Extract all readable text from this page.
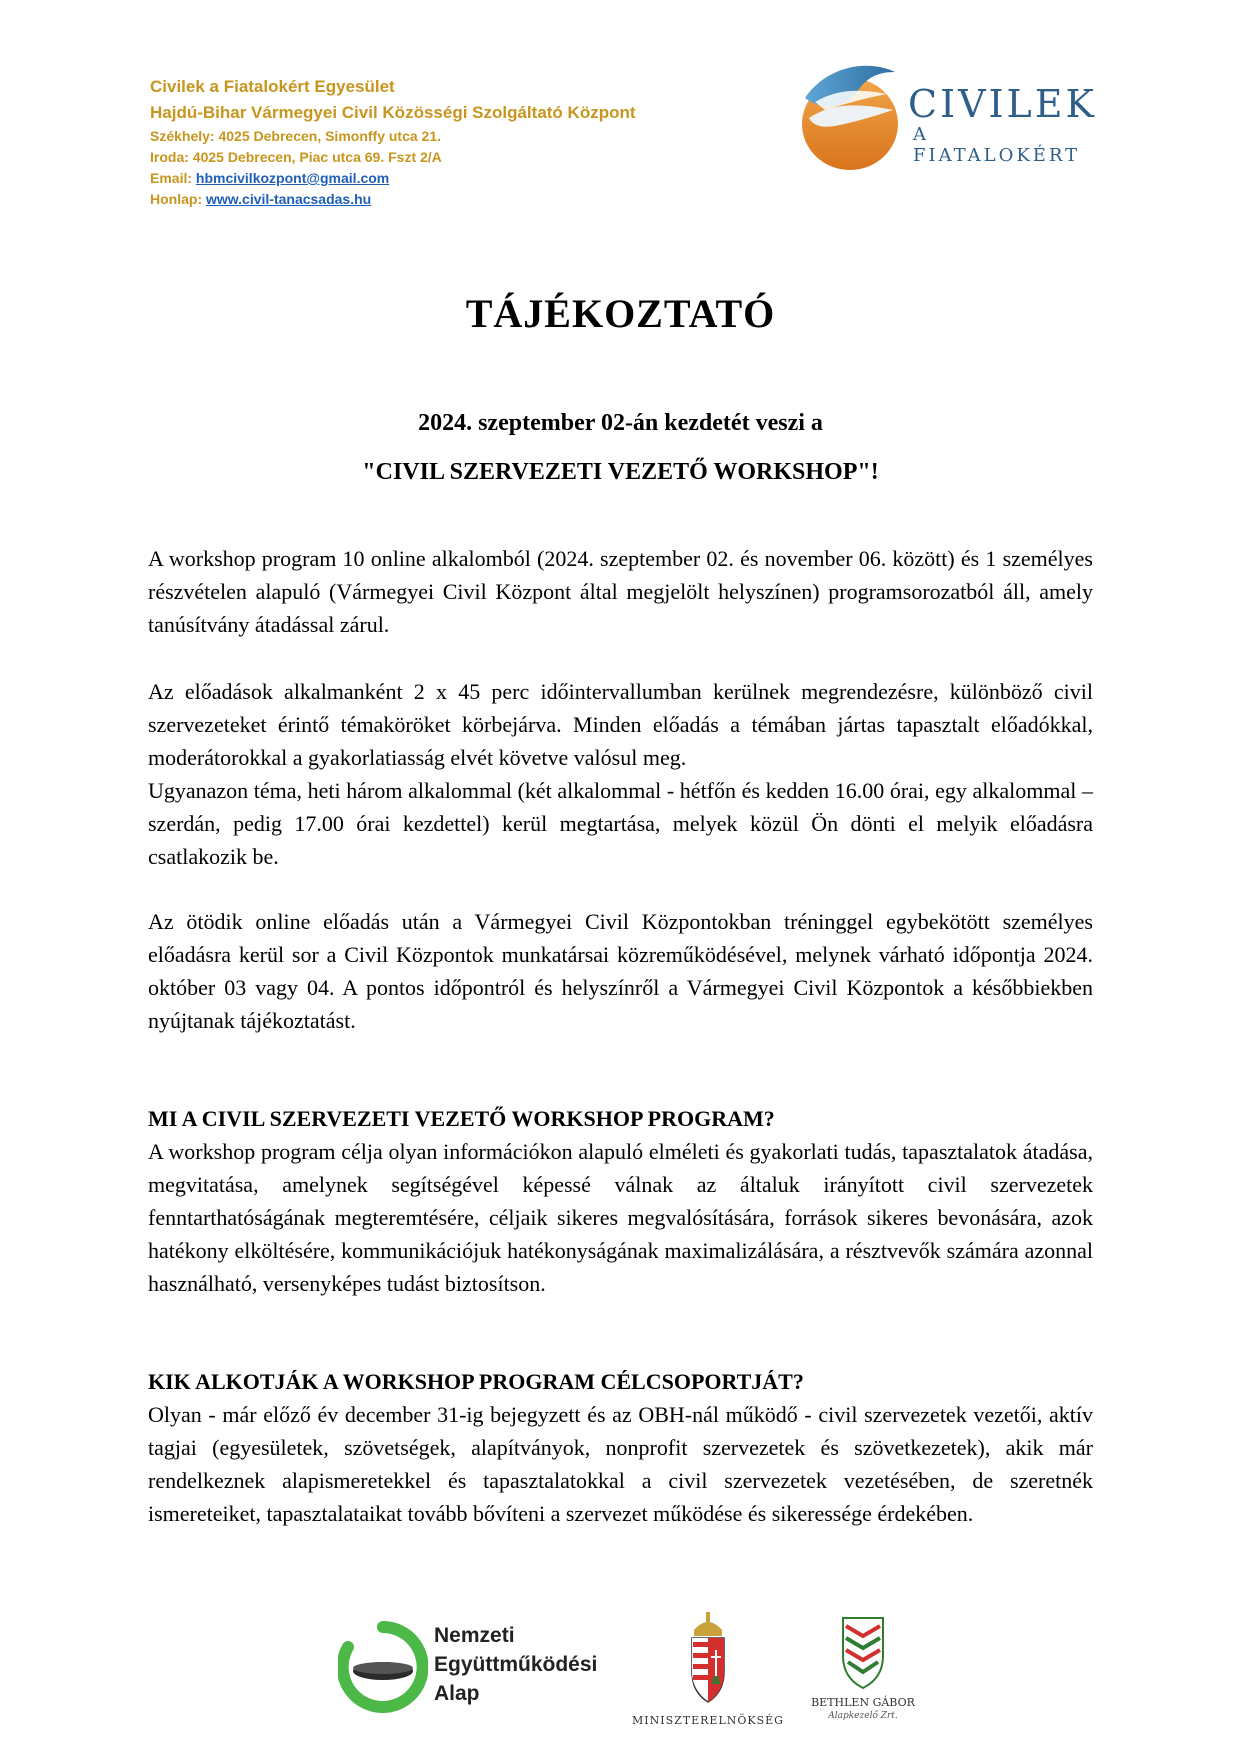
Civilek a Fiatalokért Egyesület
Hajdú-Bihar Vármegyei Civil Közösségi Szolgáltató Központ
Székhely: 4025 Debrecen, Simonffy utca 21.
Iroda: 4025 Debrecen, Piac utca 69. Fszt 2/A
Email: hbmcivilkozpont@gmail.com
Honlap: www.civil-tanacsadas.hu
CIVILEK
A FIATALOKÉRT
TÁJÉKOZTATÓ
2024. szeptember 02-án kezdetét veszi a
"CIVIL SZERVEZETI VEZETŐ WORKSHOP"!
A workshop program 10 online alkalomból (2024. szeptember 02. és november 06. között) és 1 személyes részvételen alapuló (Vármegyei Civil Központ által megjelölt helyszínen) programsorozatból áll, amely tanúsítvány átadással zárul.
Az előadások alkalmanként 2 x 45 perc időintervallumban kerülnek megrendezésre, különböző civil szervezeteket érintő témaköröket körbejárva. Minden előadás a témában jártas tapasztalt előadókkal, moderátorokkal a gyakorlatiasság elvét követve valósul meg.
Ugyanazon téma, heti három alkalommal (két alkalommal - hétfőn és kedden 16.00 órai, egy alkalommal – szerdán, pedig 17.00 órai kezdettel) kerül megtartása, melyek közül Ön dönti el melyik előadásra csatlakozik be.
Az ötödik online előadás után a Vármegyei Civil Központokban tréninggel egybekötött személyes előadásra kerül sor a Civil Központok munkatársai közreműködésével, melynek várható időpontja 2024. október 03 vagy 04. A pontos időpontról és helyszínről a Vármegyei Civil Központok a későbbiekben nyújtanak tájékoztatást.
MI A CIVIL SZERVEZETI VEZETŐ WORKSHOP PROGRAM?
A workshop program célja olyan információkon alapuló elméleti és gyakorlati tudás, tapasztalatok átadása, megvitatása, amelynek segítségével képessé válnak az általuk irányított civil szervezetek fenntarthatóságának megteremtésére, céljaik sikeres megvalósítására, források sikeres bevonására, azok hatékony elköltésére, kommunikációjuk hatékonyságának maximalizálására, a résztvevők számára azonnal használható, versenyképes tudást biztosítson.
KIK ALKOTJÁK A WORKSHOP PROGRAM CÉLCSOPORTJÁT?
Olyan - már előző év december 31-ig bejegyzett és az OBH-nál működő - civil szervezetek vezetői, aktív tagjai (egyesületek, szövetségek, alapítványok, nonprofit szervezetek és szövetkezetek), akik már rendelkeznek alapismeretekkel és tapasztalatokkal a civil szervezetek vezetésében, de szeretnék ismereteiket, tapasztalataikat tovább bővíteni a szervezet működése és sikeressége érdekében.
Nemzeti
Együttműködési
Alap
MINISZTERELNÖKSÉG
BETHLEN GÁBOR
Alapkezelő Zrt.
